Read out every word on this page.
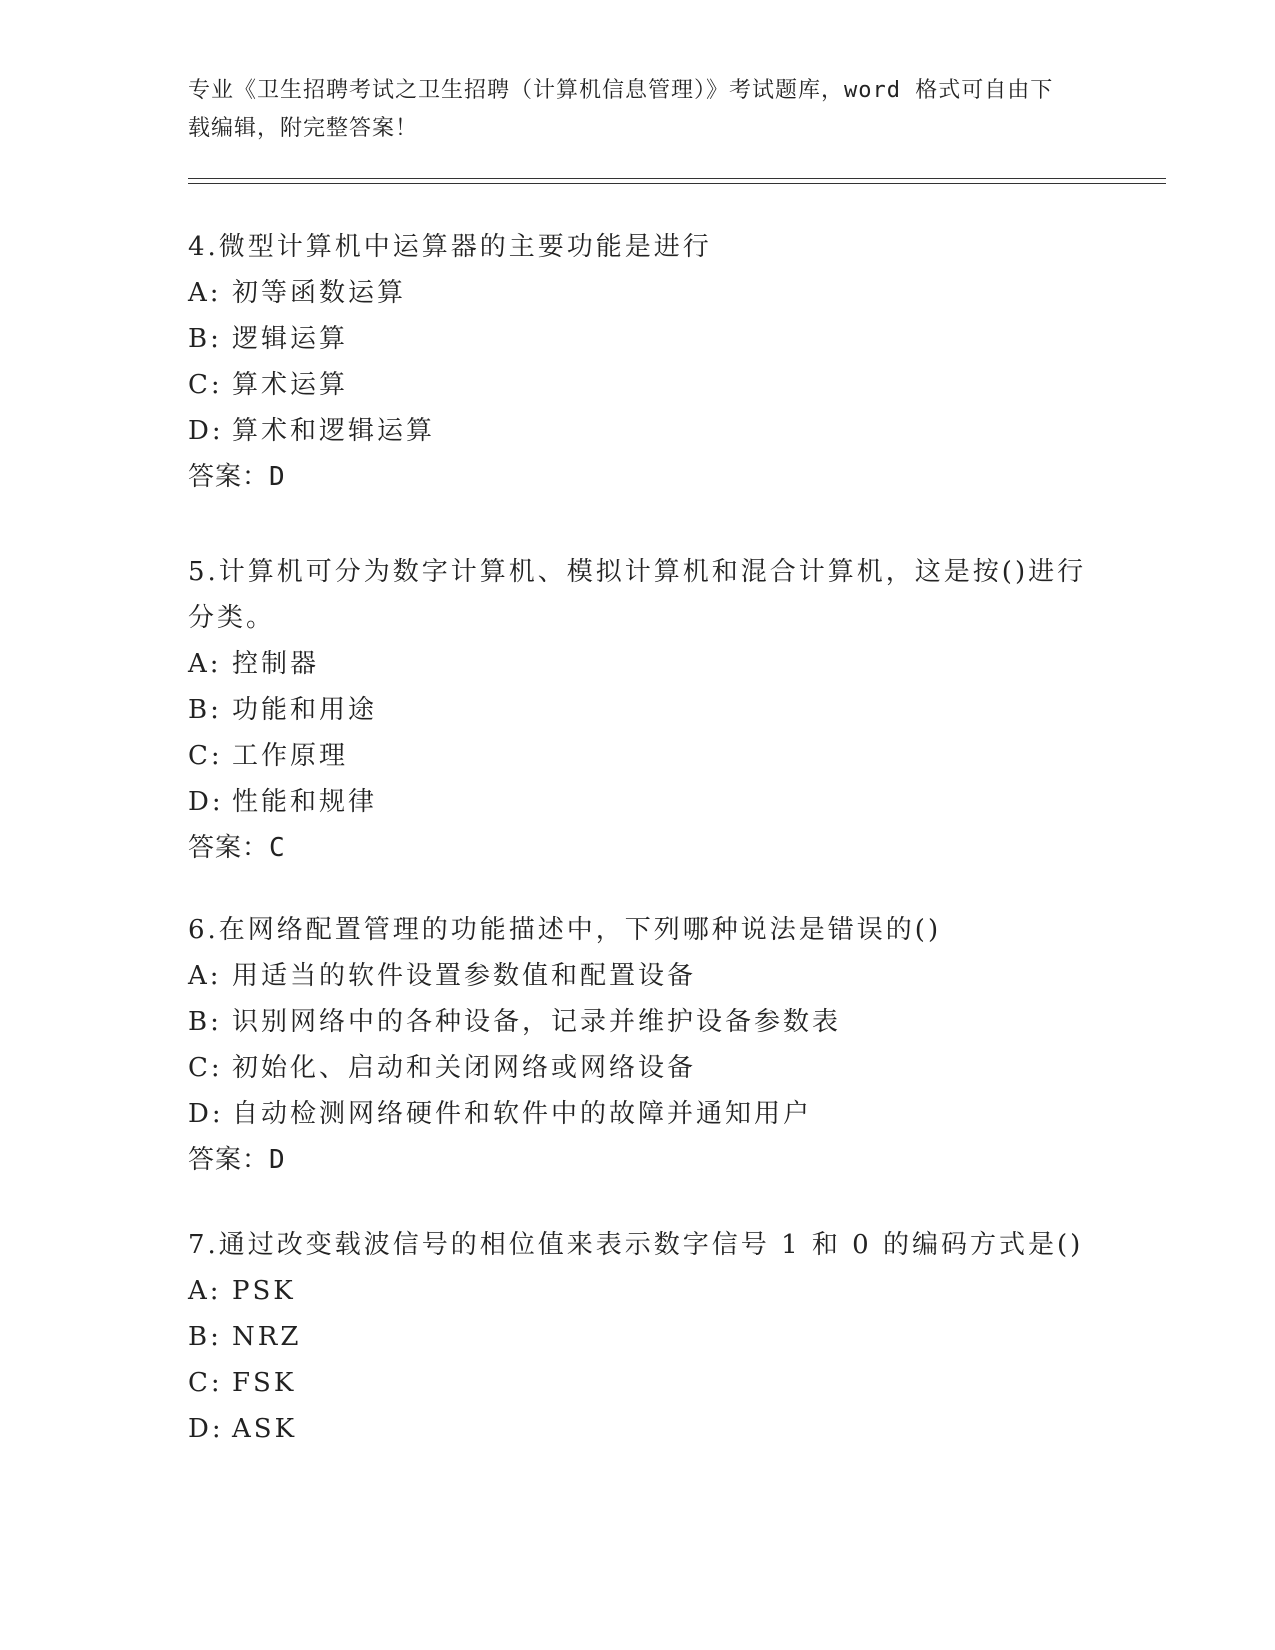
专业《卫生招聘考试之卫生招聘（计算机信息管理）》考试题库，word 格式可自由下载编辑，附完整答案！

4.微型计算机中运算器的主要功能是进行

A: 初等函数运算

B: 逻辑运算

C: 算术运算

D: 算术和逻辑运算

答案：D

5.计算机可分为数字计算机、模拟计算机和混合计算机，这是按()进行分类。

A: 控制器

B: 功能和用途

C: 工作原理

D: 性能和规律

答案：C

6.在网络配置管理的功能描述中，下列哪种说法是错误的()

A: 用适当的软件设置参数值和配置设备

B: 识别网络中的各种设备，记录并维护设备参数表

C: 初始化、启动和关闭网络或网络设备

D: 自动检测网络硬件和软件中的故障并通知用户

答案：D

7.通过改变载波信号的相位值来表示数字信号 1 和 0 的编码方式是()

A: PSK

B: NRZ

C: FSK

D: ASK
